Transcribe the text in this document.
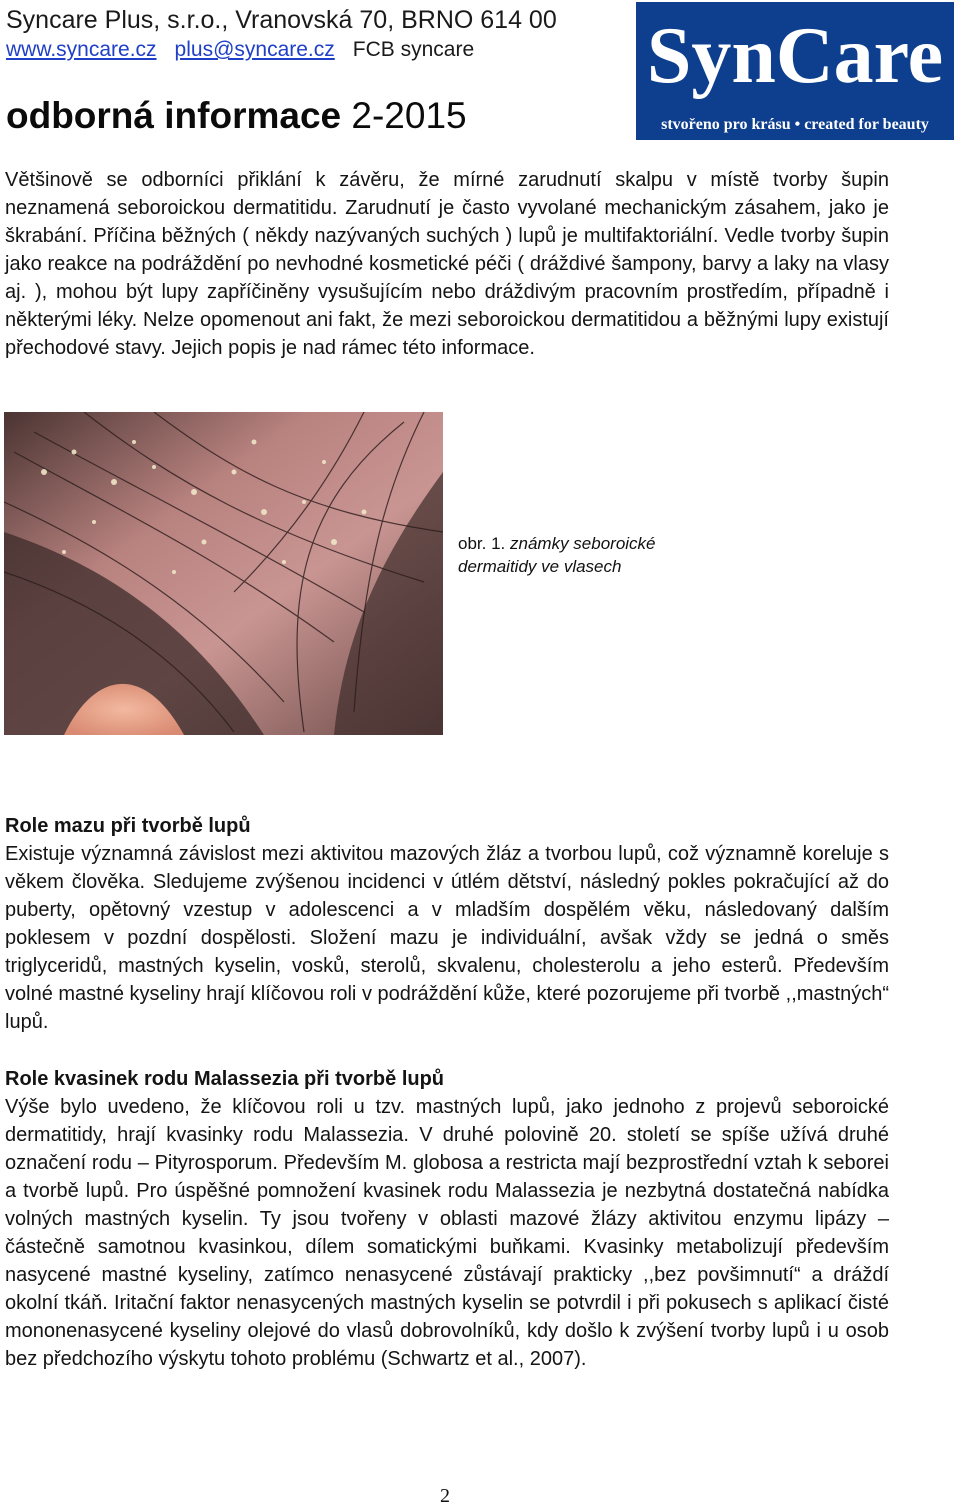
Syncare Plus, s.r.o., Vranovská 70, BRNO 614 00
www.syncare.cz plus@syncare.cz FCB syncare
odborná informace 2-2015
SynCare
stvořeno pro krásu • created for beauty

Většinově se odborníci přiklání k závěru, že mírné zarudnutí skalpu v místě tvorby šupin neznamená seboroickou dermatitidu. Zarudnutí je často vyvolané mechanickým zásahem, jako je škrabání. Příčina běžných ( někdy nazývaných suchých ) lupů je multifaktoriální. Vedle tvorby šupin jako reakce na podráždění po nevhodné kosmetické péči ( dráždivé šampony, barvy a laky na vlasy aj. ), mohou být lupy zapříčiněny vysušujícím nebo dráždivým pracovním prostředím, případně i některými léky. Nelze opomenout ani fakt, že mezi seboroickou dermatitidou a běžnými lupy existují přechodové stavy. Jejich popis je nad rámec této informace.

obr. 1. známky seboroické dermaitidy ve vlasech

Role mazu při tvorbě lupů
Existuje významná závislost mezi aktivitou mazových žláz a tvorbou lupů, což významně koreluje s věkem člověka. Sledujeme zvýšenou incidenci v útlém dětství, následný pokles pokračující až do puberty, opětovný vzestup v adolescenci a v mladším dospělém věku, následovaný dalším poklesem v pozdní dospělosti. Složení mazu je individuální, avšak vždy se jedná o směs triglyceridů, mastných kyselin, vosků, sterolů, skvalenu, cholesterolu a jeho esterů. Především volné mastné kyseliny hrají klíčovou roli v podráždění kůže, které pozorujeme při tvorbě ,,mastných“ lupů.

Role kvasinek rodu Malassezia při tvorbě lupů
Výše bylo uvedeno, že klíčovou roli u tzv. mastných lupů, jako jednoho z projevů seboroické dermatitidy, hrají kvasinky rodu Malassezia. V druhé polovině 20. století se spíše užívá druhé označení rodu – Pityrosporum. Především M. globosa a restricta mají bezprostřední vztah k seborei a tvorbě lupů. Pro úspěšné pomnožení kvasinek rodu Malassezia je nezbytná dostatečná nabídka volných mastných kyselin. Ty jsou tvořeny v oblasti mazové žlázy aktivitou enzymu lipázy – částečně samotnou kvasinkou, dílem somatickými buňkami. Kvasinky metabolizují především nasycené mastné kyseliny, zatímco nenasycené zůstávají prakticky ,,bez povšimnutí“ a dráždí okolní tkáň. Iritační faktor nenasycených mastných kyselin se potvrdil i při pokusech s aplikací čisté mononenasycené kyseliny olejové do vlasů dobrovolníků, kdy došlo k zvýšení tvorby lupů i u osob bez předchozího výskytu tohoto problému (Schwartz et al., 2007).

2
